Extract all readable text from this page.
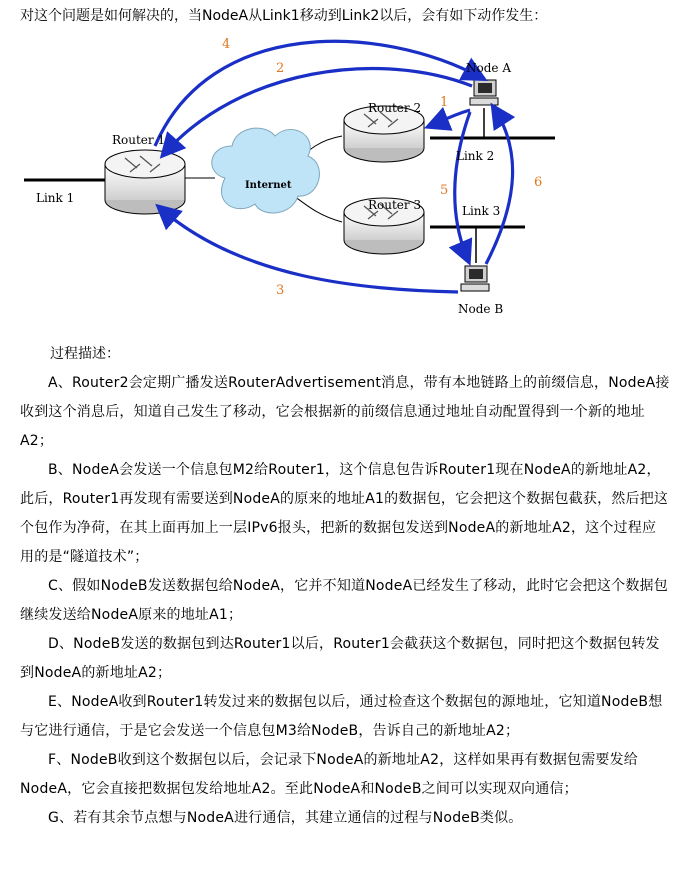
对这个问题是如何解决的，当NodeA从Link1移动到Link2以后，会有如下动作发生：
Router 1
Router 2
Router 3
Internet
Link 1
Link 2
Link 3
Node A
Node B
1
2
3
4
5
6

过程描述：

A、Router2会定期广播发送RouterAdvertisement消息，带有本地链路上的前缀信息，NodeA接收到这个消息后，知道自己发生了移动，它会根据新的前缀信息通过地址自动配置得到一个新的地址A2；

B、NodeA会发送一个信息包M2给Router1，这个信息包告诉Router1现在NodeA的新地址A2，此后，Router1再发现有需要送到NodeA的原来的地址A1的数据包，它会把这个数据包截获，然后把这个包作为净荷，在其上面再加上一层IPv6报头，把新的数据包发送到NodeA的新地址A2，这个过程应用的是“隧道技术”；

C、假如NodeB发送数据包给NodeA，它并不知道NodeA已经发生了移动，此时它会把这个数据包继续发送给NodeA原来的地址A1；

D、NodeB发送的数据包到达Router1以后，Router1会截获这个数据包，同时把这个数据包转发到NodeA的新地址A2；

E、NodeA收到Router1转发过来的数据包以后，通过检查这个数据包的源地址，它知道NodeB想与它进行通信，于是它会发送一个信息包M3给NodeB，告诉自己的新地址A2；

F、NodeB收到这个数据包以后，会记录下NodeA的新地址A2，这样如果再有数据包需要发给NodeA，它会直接把数据包发给地址A2。至此NodeA和NodeB之间可以实现双向通信；

G、若有其余节点想与NodeA进行通信，其建立通信的过程与NodeB类似。
